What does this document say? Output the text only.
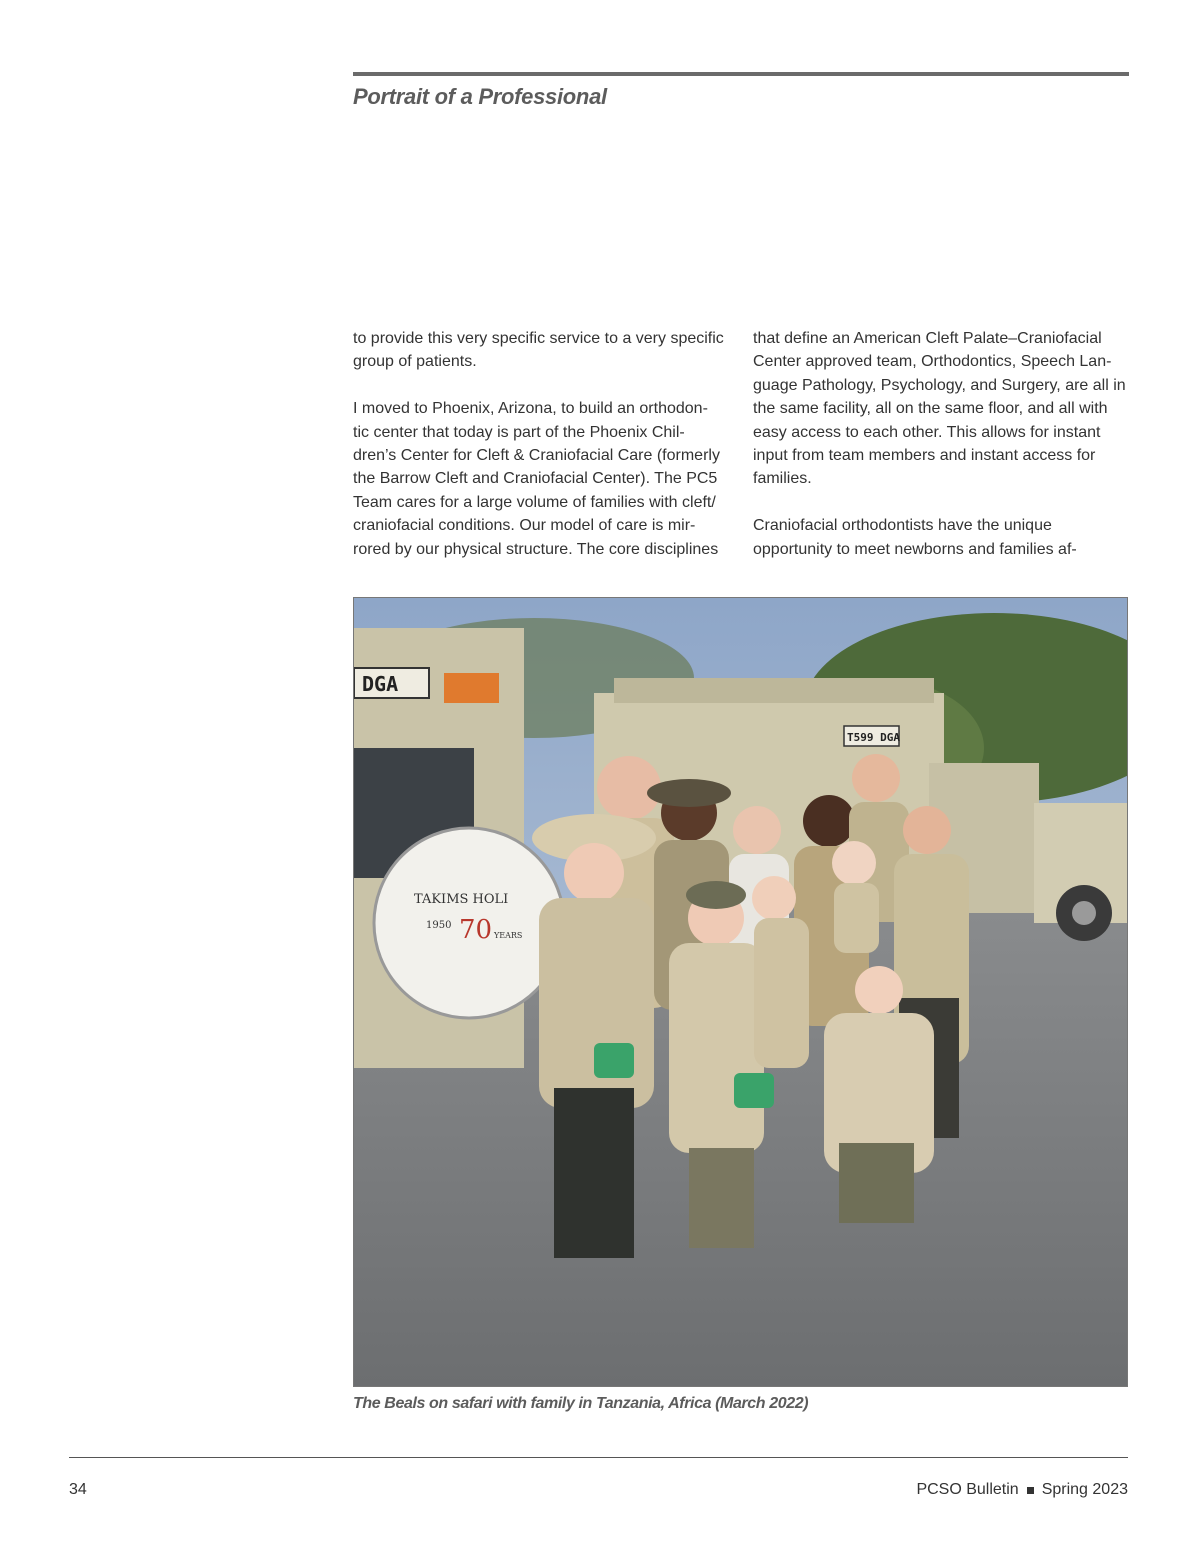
Portrait of a Professional

to provide this very specific service to a very specific
group of patients.

I moved to Phoenix, Arizona, to build an orthodon-
tic center that today is part of the Phoenix Chil-
dren’s Center for Cleft & Craniofacial Care (formerly
the Barrow Cleft and Craniofacial Center). The PC5
Team cares for a large volume of families with cleft/
craniofacial conditions. Our model of care is mir-
rored by our physical structure. The core disciplines

that define an American Cleft Palate–Craniofacial
Center approved team, Orthodontics, Speech Lan-
guage Pathology, Psychology, and Surgery, are all in
the same facility, all on the same floor, and all with
easy access to each other. This allows for instant
input from team members and instant access for
families.

Craniofacial orthodontists have the unique
opportunity to meet newborns and families af-

DGA
TAKIMS HOLI
1950 70 YEARS
T599 DGA
The Beals on safari with family in Tanzania, Africa (March 2022)
34	PCSO Bulletin Spring 2023
